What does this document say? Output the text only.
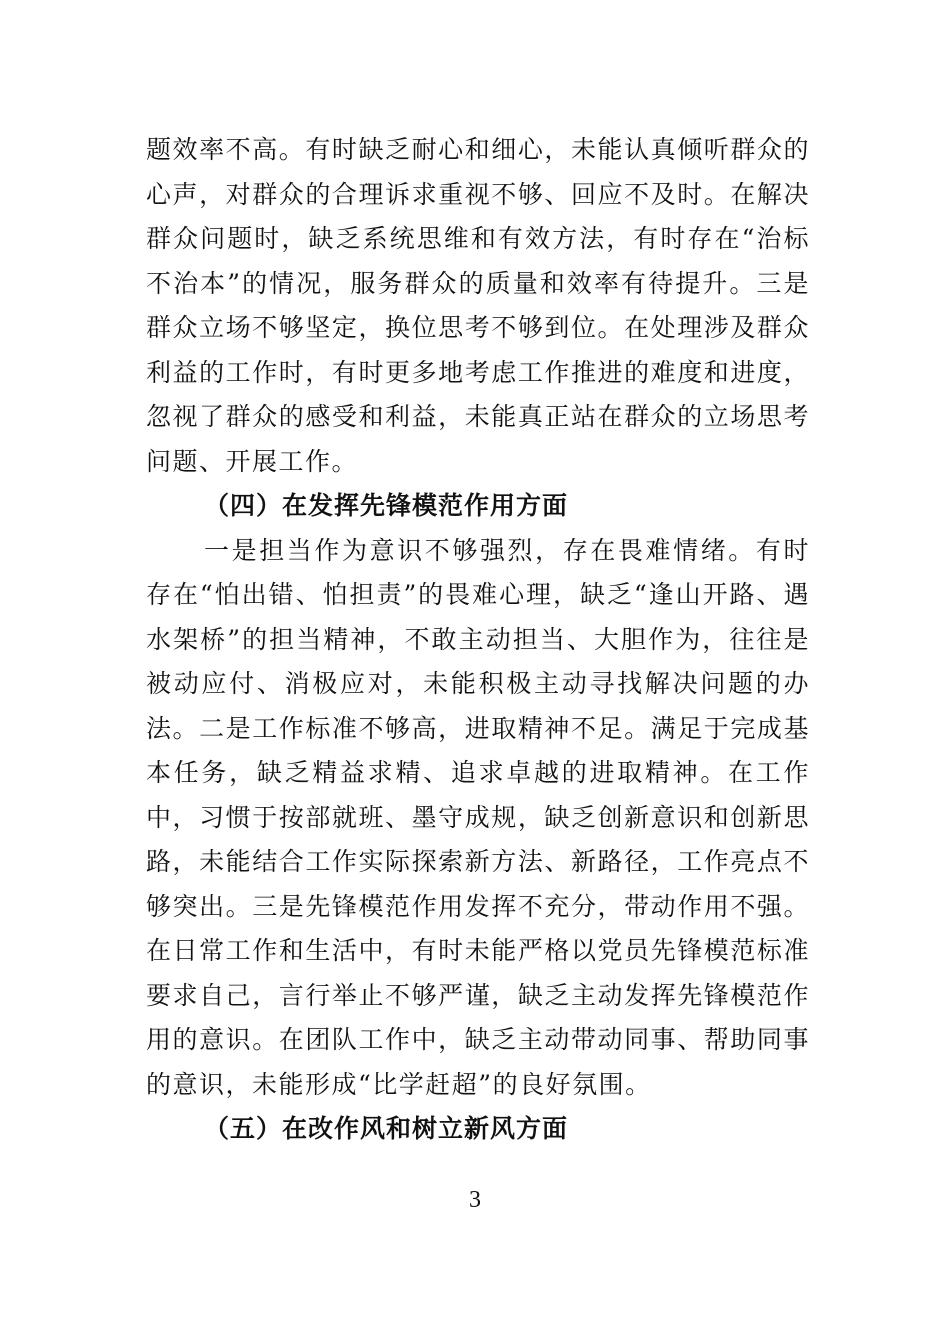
题效率不高。有时缺乏耐心和细心，未能认真倾听群众的心声，对群众的合理诉求重视不够、回应不及时。在解决群众问题时，缺乏系统思维和有效方法，有时存在“治标不治本”的情况，服务群众的质量和效率有待提升。三是群众立场不够坚定，换位思考不够到位。在处理涉及群众利益的工作时，有时更多地考虑工作推进的难度和进度，忽视了群众的感受和利益，未能真正站在群众的立场思考问题、开展工作。

（四）在发挥先锋模范作用方面

一是担当作为意识不够强烈，存在畏难情绪。有时存在“怕出错、怕担责”的畏难心理，缺乏“逢山开路、遇水架桥”的担当精神，不敢主动担当、大胆作为，往往是被动应付、消极应对，未能积极主动寻找解决问题的办法。二是工作标准不够高，进取精神不足。满足于完成基本任务，缺乏精益求精、追求卓越的进取精神。在工作中，习惯于按部就班、墨守成规，缺乏创新意识和创新思路，未能结合工作实际探索新方法、新路径，工作亮点不够突出。三是先锋模范作用发挥不充分，带动作用不强。在日常工作和生活中，有时未能严格以党员先锋模范标准要求自己，言行举止不够严谨，缺乏主动发挥先锋模范作用的意识。在团队工作中，缺乏主动带动同事、帮助同事的意识，未能形成“比学赶超”的良好氛围。

（五）在改作风和树立新风方面

3
